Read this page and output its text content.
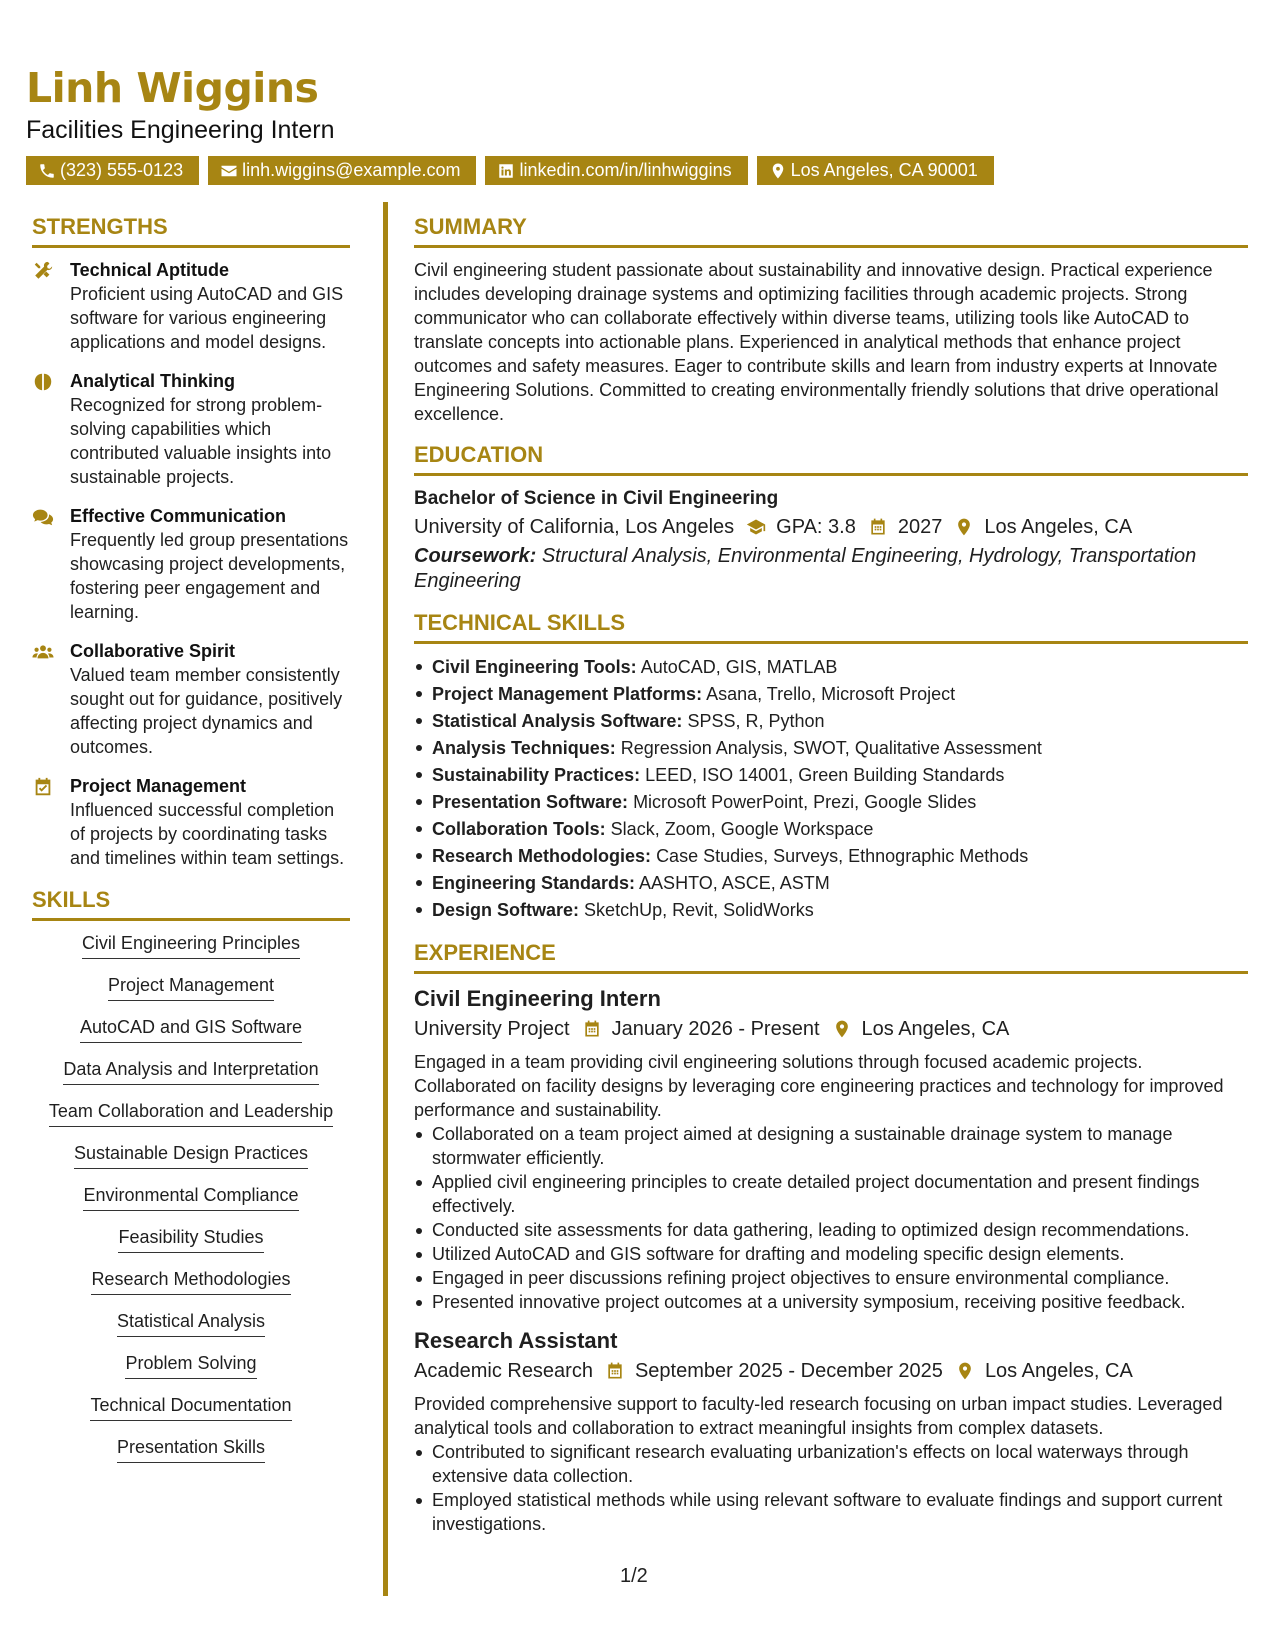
Linh Wiggins
Facilities Engineering Intern
(323) 555-0123	linh.wiggins@example.com	linkedin.com/in/linhwiggins	Los Angeles, CA 90001
STRENGTHS
Technical Aptitude
Proficient using AutoCAD and GIS software for various engineering applications and model designs.
Analytical Thinking
Recognized for strong problem-solving capabilities which contributed valuable insights into sustainable projects.
Effective Communication
Frequently led group presentations showcasing project developments, fostering peer engagement and learning.
Collaborative Spirit
Valued team member consistently sought out for guidance, positively affecting project dynamics and outcomes.
Project Management
Influenced successful completion of projects by coordinating tasks and timelines within team settings.
SKILLS
Civil Engineering Principles
Project Management
AutoCAD and GIS Software
Data Analysis and Interpretation
Team Collaboration and Leadership
Sustainable Design Practices
Environmental Compliance
Feasibility Studies
Research Methodologies
Statistical Analysis
Problem Solving
Technical Documentation
Presentation Skills
SUMMARY
Civil engineering student passionate about sustainability and innovative design. Practical experience includes developing drainage systems and optimizing facilities through academic projects. Strong communicator who can collaborate effectively within diverse teams, utilizing tools like AutoCAD to translate concepts into actionable plans. Experienced in analytical methods that enhance project outcomes and safety measures. Eager to contribute skills and learn from industry experts at Innovate Engineering Solutions. Committed to creating environmentally friendly solutions that drive operational excellence.
EDUCATION
Bachelor of Science in Civil Engineering
University of California, Los Angeles GPA: 3.8 2027 Los Angeles, CA
Coursework: Structural Analysis, Environmental Engineering, Hydrology, Transportation Engineering
TECHNICAL SKILLS
Civil Engineering Tools: AutoCAD, GIS, MATLAB
Project Management Platforms: Asana, Trello, Microsoft Project
Statistical Analysis Software: SPSS, R, Python
Analysis Techniques: Regression Analysis, SWOT, Qualitative Assessment
Sustainability Practices: LEED, ISO 14001, Green Building Standards
Presentation Software: Microsoft PowerPoint, Prezi, Google Slides
Collaboration Tools: Slack, Zoom, Google Workspace
Research Methodologies: Case Studies, Surveys, Ethnographic Methods
Engineering Standards: AASHTO, ASCE, ASTM
Design Software: SketchUp, Revit, SolidWorks
EXPERIENCE
Civil Engineering Intern
University Project January 2026 - Present Los Angeles, CA
Engaged in a team providing civil engineering solutions through focused academic projects. Collaborated on facility designs by leveraging core engineering practices and technology for improved performance and sustainability.
Collaborated on a team project aimed at designing a sustainable drainage system to manage stormwater efficiently.
Applied civil engineering principles to create detailed project documentation and present findings effectively.
Conducted site assessments for data gathering, leading to optimized design recommendations.
Utilized AutoCAD and GIS software for drafting and modeling specific design elements.
Engaged in peer discussions refining project objectives to ensure environmental compliance.
Presented innovative project outcomes at a university symposium, receiving positive feedback.
Research Assistant
Academic Research September 2025 - December 2025 Los Angeles, CA
Provided comprehensive support to faculty-led research focusing on urban impact studies. Leveraged analytical tools and collaboration to extract meaningful insights from complex datasets.
Contributed to significant research evaluating urbanization's effects on local waterways through extensive data collection.
Employed statistical methods while using relevant software to evaluate findings and support current investigations.
1/2
